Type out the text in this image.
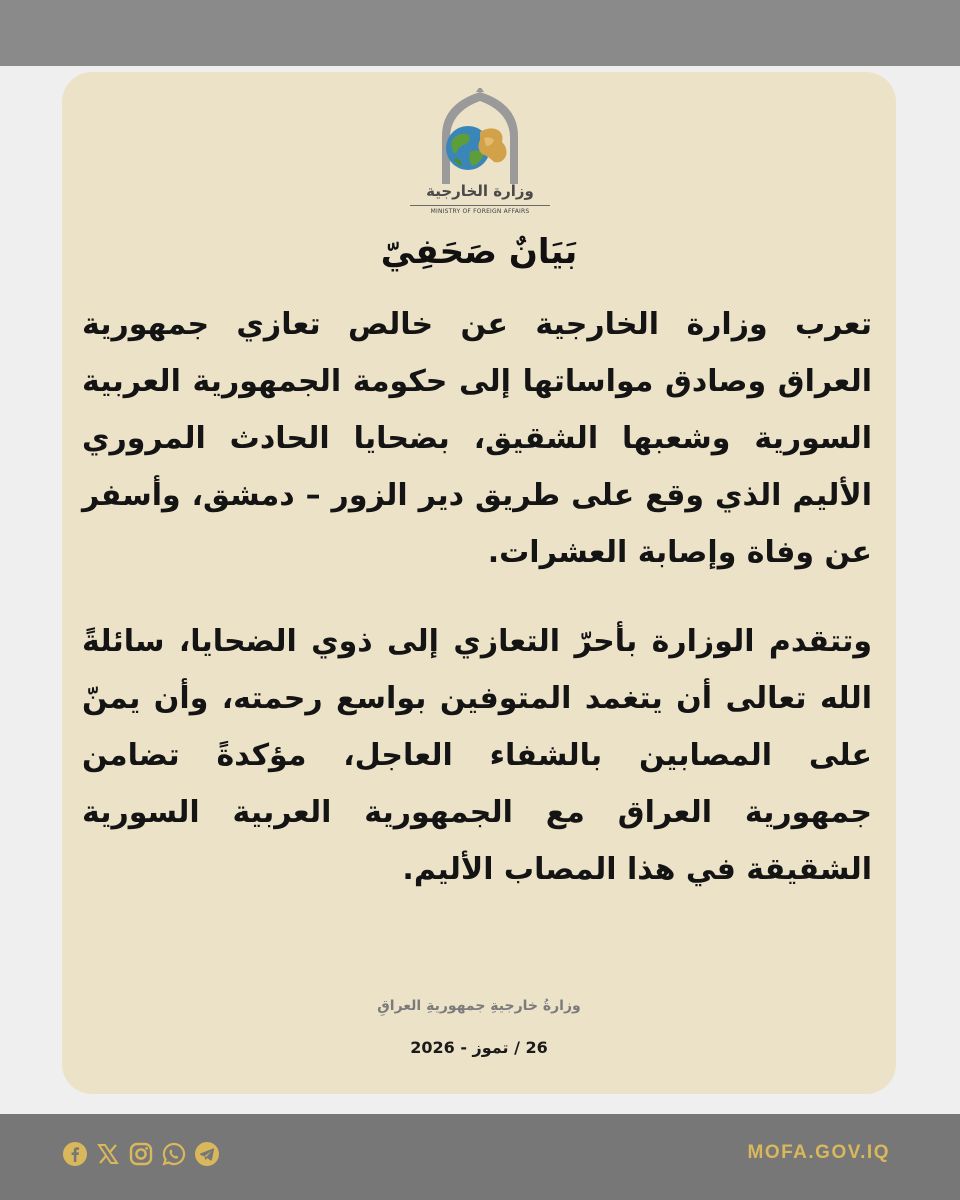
وزارة الخارجية
MINISTRY OF FOREIGN AFFAIRS
بَيَانٌ صَحَفِيّ

تعرب وزارة الخارجية عن خالص تعازي جمهورية العراق وصادق مواساتها إلى حكومة الجمهورية العربية السورية وشعبها الشقيق، بضحايا الحادث المروري الأليم الذي وقع على طريق دير الزور – دمشق، وأسفر عن وفاة وإصابة العشرات.

وتتقدم الوزارة بأحرّ التعازي إلى ذوي الضحايا، سائلةً الله تعالى أن يتغمد المتوفين بواسع رحمته، وأن يمنّ على المصابين بالشفاء العاجل، مؤكدةً تضامن جمهورية العراق مع الجمهورية العربية السورية الشقيقة في هذا المصاب الأليم.

وزارةُ خارجيةِ جمهوريةِ العراقِ
26 / تموز - 2026
MOFA.GOV.IQ
